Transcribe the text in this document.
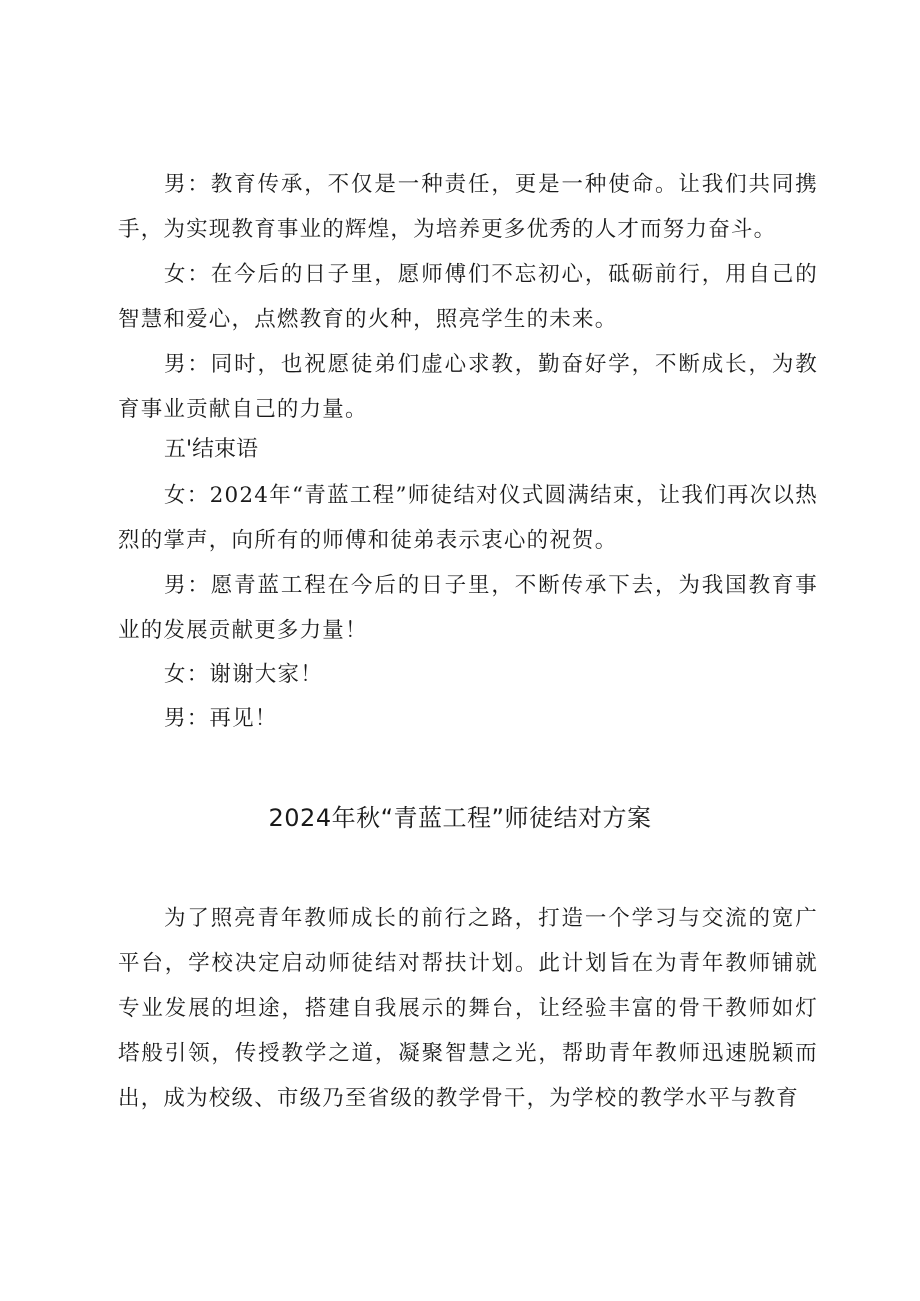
男：教育传承，不仅是一种责任，更是一种使命。让我们共同携手，为实现教育事业的辉煌，为培养更多优秀的人才而努力奋斗。

女：在今后的日子里，愿师傅们不忘初心，砥砺前行，用自己的智慧和爱心，点燃教育的火种，照亮学生的未来。

男：同时，也祝愿徒弟们虚心求教，勤奋好学，不断成长，为教育事业贡献自己的力量。

五'结束语

女：2024年“青蓝工程”师徒结对仪式圆满结束，让我们再次以热烈的掌声，向所有的师傅和徒弟表示衷心的祝贺。

男：愿青蓝工程在今后的日子里，不断传承下去，为我国教育事业的发展贡献更多力量！

女：谢谢大家！

男：再见！

2024年秋“青蓝工程”师徒结对方案

为了照亮青年教师成长的前行之路，打造一个学习与交流的宽广平台，学校决定启动师徒结对帮扶计划。此计划旨在为青年教师铺就专业发展的坦途，搭建自我展示的舞台，让经验丰富的骨干教师如灯塔般引领，传授教学之道，凝聚智慧之光，帮助青年教师迅速脱颖而出，成为校级、市级乃至省级的教学骨干，为学校的教学水平与教育
